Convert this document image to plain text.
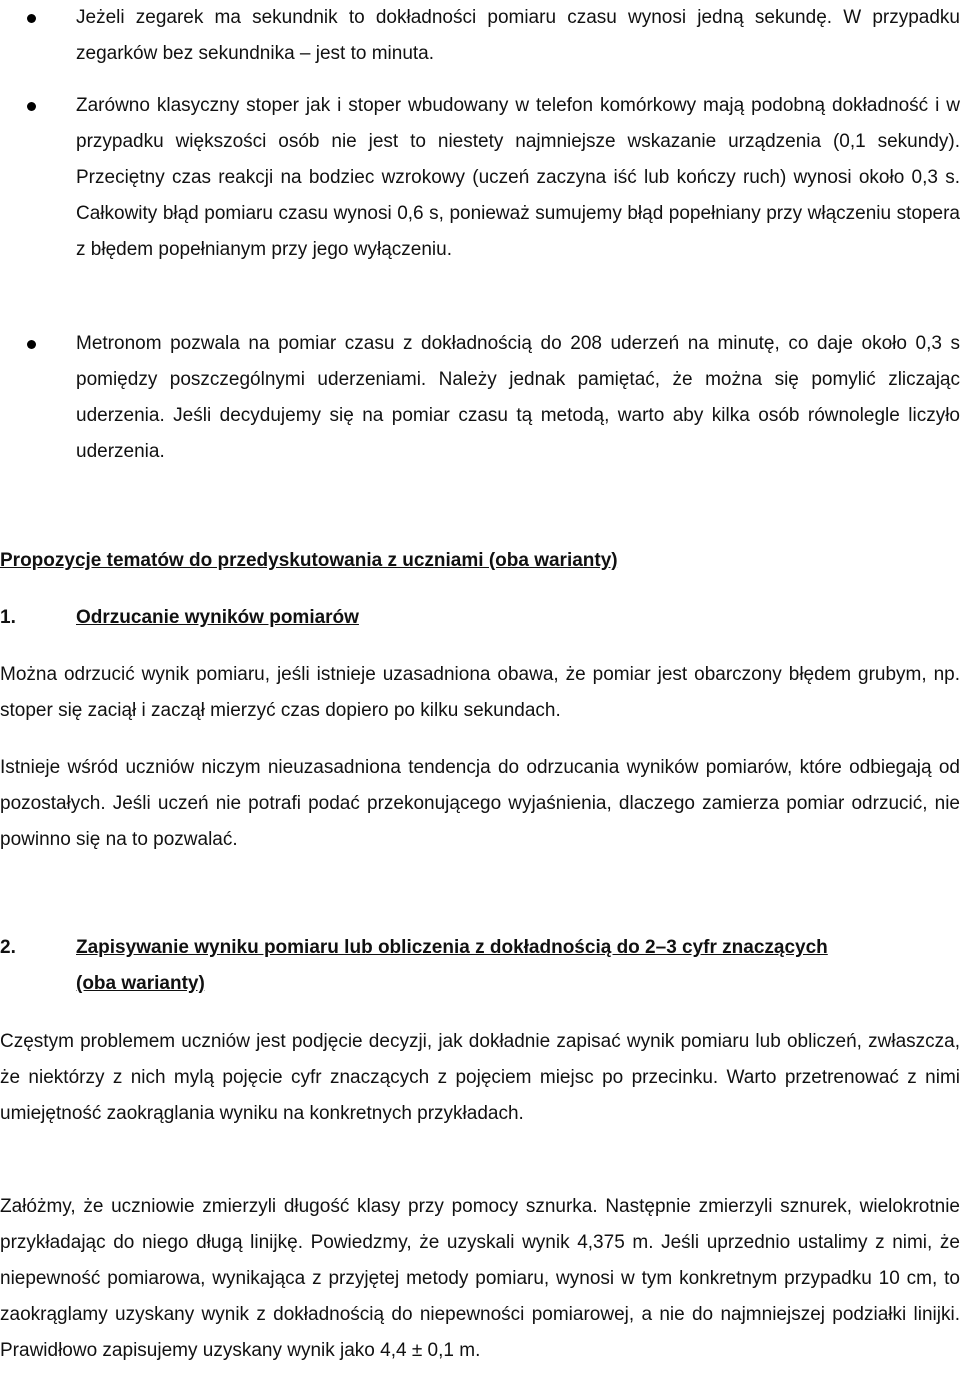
Jeżeli zegarek ma sekundnik to dokładności pomiaru czasu wynosi jedną sekundę. W przypadku zegarków bez sekundnika – jest to minuta.
Zarówno klasyczny stoper jak i stoper wbudowany w telefon komórkowy mają podobną dokładność i w przypadku większości osób nie jest to niestety najmniejsze wskazanie urządzenia (0,1 sekundy). Przeciętny czas reakcji na bodziec wzrokowy (uczeń zaczyna iść lub kończy ruch) wynosi około 0,3 s. Całkowity błąd pomiaru czasu wynosi 0,6 s, ponieważ sumujemy błąd popełniany przy włączeniu stopera z błędem popełnianym przy jego wyłączeniu.
Metronom pozwala na pomiar czasu z dokładnością do 208 uderzeń na minutę, co daje około 0,3 s pomiędzy poszczególnymi uderzeniami. Należy jednak pamiętać, że można się pomylić zliczając uderzenia. Jeśli decydujemy się na pomiar czasu tą metodą, warto aby kilka osób równolegle liczyło uderzenia.
Propozycje tematów do przedyskutowania z uczniami (oba warianty)
1.	Odrzucanie wyników pomiarów

Można odrzucić wynik pomiaru, jeśli istnieje uzasadniona obawa, że pomiar jest obarczony błędem grubym, np. stoper się zaciął i zaczął mierzyć czas dopiero po kilku sekundach.

Istnieje wśród uczniów niczym nieuzasadniona tendencja do odrzucania wyników pomiarów, które odbiegają od pozostałych. Jeśli uczeń nie potrafi podać przekonującego wyjaśnienia, dlaczego zamierza pomiar odrzucić, nie powinno się na to pozwalać.

2.	Zapisywanie wyniku pomiaru lub obliczenia z dokładnością do 2–3 cyfr znaczących
(oba warianty)

Częstym problemem uczniów jest podjęcie decyzji, jak dokładnie zapisać wynik pomiaru lub obliczeń, zwłaszcza, że niektórzy z nich mylą pojęcie cyfr znaczących z pojęciem miejsc po przecinku. Warto przetrenować z nimi umiejętność zaokrąglania wyniku na konkretnych przykładach.

Załóżmy, że uczniowie zmierzyli długość klasy przy pomocy sznurka. Następnie zmierzyli sznurek, wielokrotnie przykładając do niego długą linijkę. Powiedzmy, że uzyskali wynik 4,375 m. Jeśli uprzednio ustalimy z nimi, że niepewność pomiarowa, wynikająca z przyjętej metody pomiaru, wynosi w tym konkretnym przypadku 10 cm, to zaokrąglamy uzyskany wynik z dokładnością do niepewności pomiarowej, a nie do najmniejszej podziałki linijki. Prawidłowo zapisujemy uzyskany wynik jako 4,4 ± 0,1 m.
